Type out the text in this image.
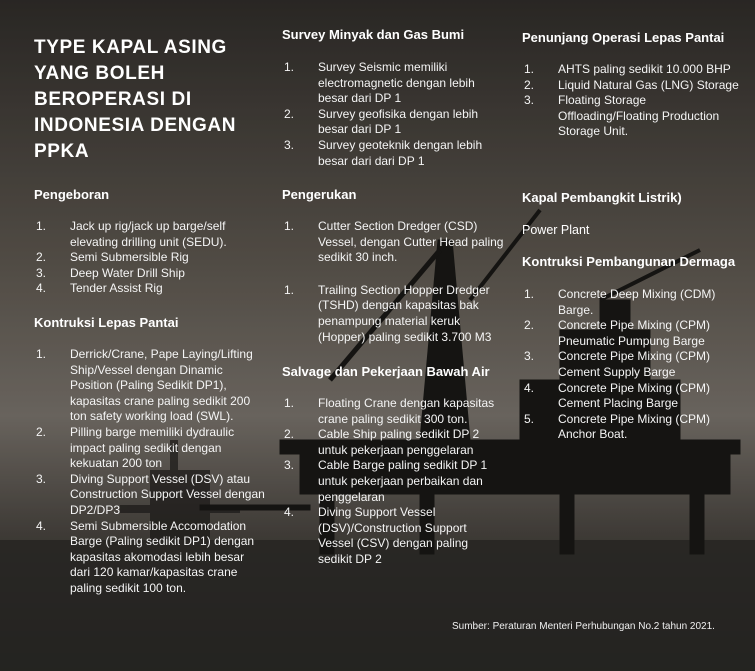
TYPE KAPAL ASING YANG BOLEH BEROPERASI DI INDONESIA DENGAN PPKA
Pengeboran
1. Jack up rig/jack up barge/self elevating drilling unit (SEDU).
2. Semi Submersible Rig
3. Deep Water Drill Ship
4. Tender Assist Rig
Kontruksi Lepas Pantai
1. Derrick/Crane, Pape Laying/Lifting Ship/Vessel dengan Dinamic Position (Paling Sedikit DP1), kapasitas crane paling sedikit 200 ton safety working load (SWL).
2. Pilling barge memiliki dydraulic impact paling sedikit dengan kekuatan 200 ton
3. Diving Support Vessel (DSV) atau Construction Support Vessel dengan DP2/DP3
4. Semi Submersible Accomodation Barge (Paling sedikit DP1) dengan kapasitas akomodasi lebih besar dari 120 kamar/kapasitas crane paling sedikit 100 ton.
Survey Minyak dan Gas Bumi
1. Survey Seismic memiliki electromagnetic dengan lebih besar dari DP 1
2. Survey geofisika dengan lebih besar dari DP 1
3. Survey geoteknik dengan lebih besar dari dari DP 1
Pengerukan
1. Cutter Section Dredger (CSD) Vessel, dengan Cutter Head paling sedikit 30 inch.
1. Trailing Section Hopper Dredger (TSHD) dengan kapasitas bak penampung material keruk (Hopper) paling sedikit 3.700 M3
Salvage dan Pekerjaan Bawah Air
1. Floating Crane dengan kapasitas crane paling sedikit 300 ton.
2. Cable Ship paling sedikit DP 2 untuk pekerjaan penggelaran
3. Cable Barge paling sedikit DP 1 untuk pekerjaan perbaikan dan penggelaran
4. Diving Support Vessel (DSV)/Construction Support Vessel (CSV) dengan paling sedikit DP 2
Penunjang Operasi Lepas Pantai
1. AHTS paling sedikit 10.000 BHP
2. Liquid Natural Gas (LNG) Storage
3. Floating Storage Offloading/Floating Production Storage Unit.
Kapal Pembangkit Listrik)

Power Plant

Kontruksi Pembangunan Dermaga
1. Concrete Deep Mixing (CDM) Barge.
2. Concrete Pipe Mixing (CPM) Pneumatic Pumpung Barge
3. Concrete Pipe Mixing (CPM) Cement Supply Barge
4. Concrete Pipe Mixing (CPM) Cement Placing Barge
5. Concrete Pipe Mixing (CPM) Anchor Boat.

Sumber: Peraturan Menteri Perhubungan No.2 tahun 2021.
